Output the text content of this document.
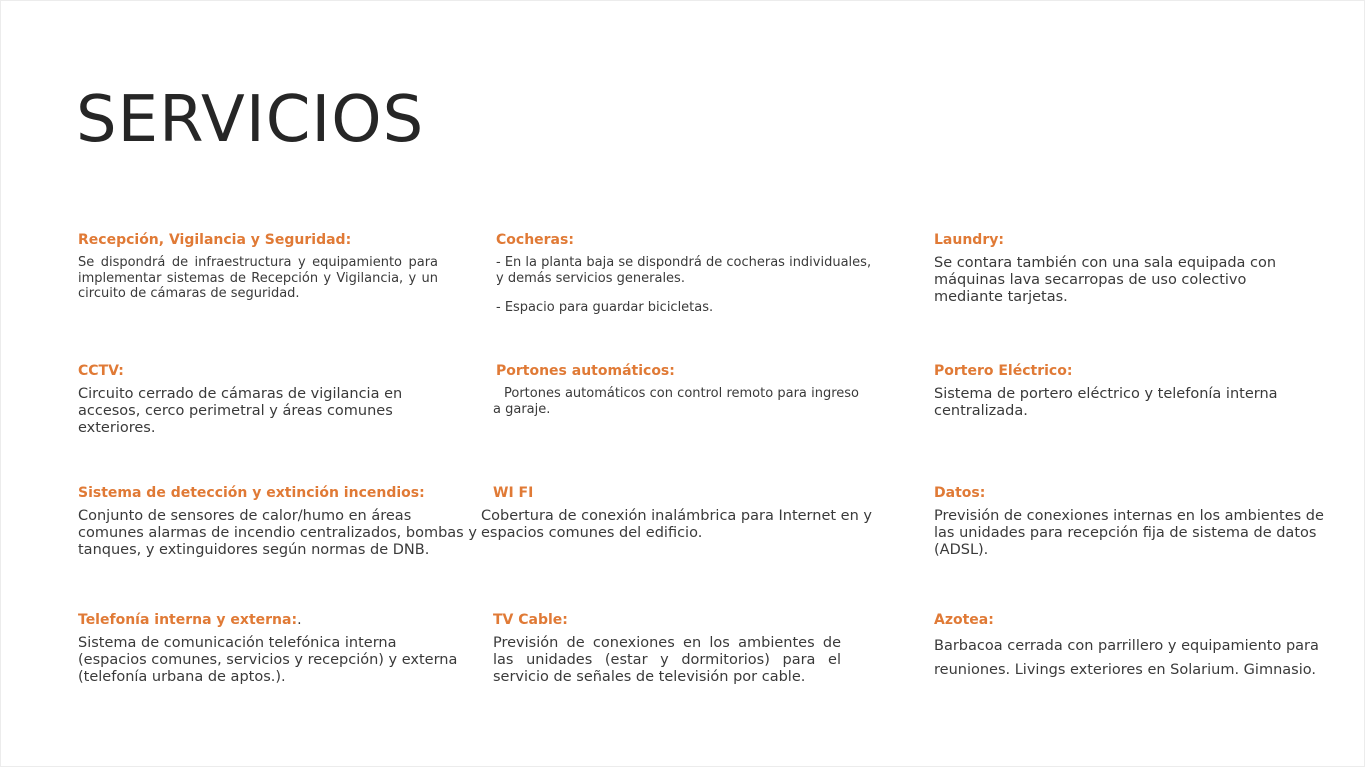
SERVICIOS
Recepción, Vigilancia y Seguridad:

Se dispondrá de infraestructura y equipamiento para implementar sistemas de Recepción y Vigilancia, y un circuito de cámaras de seguridad.

Cocheras:

- En la planta baja se dispondrá de cocheras individuales, y demás servicios generales.

- Espacio para guardar bicicletas.

Laundry:

Se contara también con una sala equipada con máquinas lava secarropas de uso colectivo mediante tarjetas.

CCTV:

Circuito cerrado de cámaras de vigilancia en accesos, cerco perimetral y áreas comunes exteriores.

Portones automáticos:

Portones automáticos con control remoto para ingreso a garaje.

Portero Eléctrico:

Sistema de portero eléctrico y telefonía interna centralizada.

Sistema de detección y extinción incendios:

Conjunto de sensores de calor/humo en áreas comunes alarmas de incendio centralizados, bombas y tanques, y extinguidores según normas de DNB.

WI FI

Cobertura de conexión inalámbrica para Internet en y espacios comunes del edificio.

Datos:

Previsión de conexiones internas en los ambientes de las unidades para recepción fija de sistema de datos (ADSL).

Telefonía interna y externa:.

Sistema de comunicación telefónica interna (espacios comunes, servicios y recepción) y externa (telefonía urbana de aptos.).

TV Cable:

Previsión de conexiones en los ambientes de las unidades (estar y dormitorios) para el servicio de señales de televisión por cable.

Azotea:

Barbacoa cerrada con parrillero y equipamiento para reuniones. Livings exteriores en Solarium. Gimnasio.
